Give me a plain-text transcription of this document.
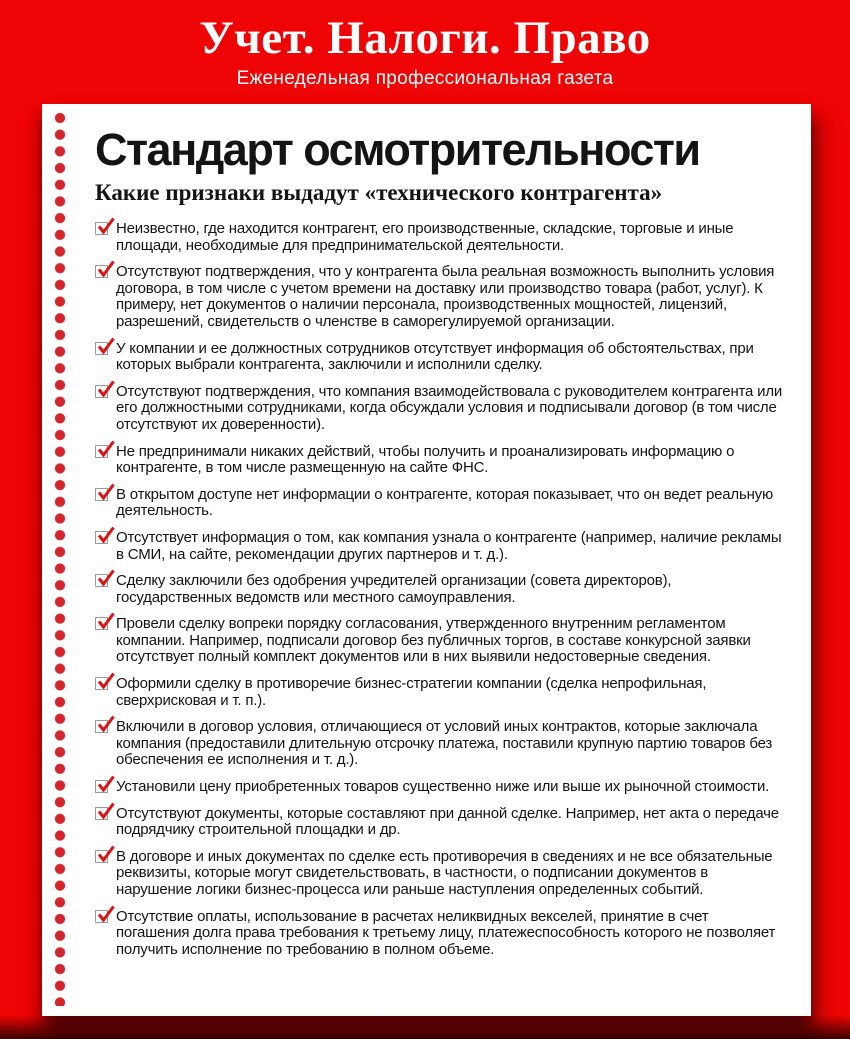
Учет. Налоги. Право
Еженедельная профессиональная газета
Стандарт осмотрительности
Какие признаки выдадут «технического контрагента»
Неизвестно, где находится контрагент, его производственные, складские, торговые и иные площади, необходимые для предпринимательской деятельности.
Отсутствуют подтверждения, что у контрагента была реальная возможность выполнить условия договора, в том числе с учетом времени на доставку или производство товара (работ, услуг). К примеру, нет документов о наличии персонала, производственных мощностей, лицензий, разрешений, свидетельств о членстве в саморегулируемой организации.
У компании и ее должностных сотрудников отсутствует информация об обстоятельствах, при которых выбрали контрагента, заключили и исполнили сделку.
Отсутствуют подтверждения, что компания взаимодействовала с руководителем контрагента или его должностными сотрудниками, когда обсуждали условия и подписывали договор (в том числе отсутствуют их доверенности).
Не предпринимали никаких действий, чтобы получить и проанализировать информацию о контрагенте, в том числе размещенную на сайте ФНС.
В открытом доступе нет информации о контрагенте, которая показывает, что он ведет реальную деятельность.
Отсутствует информация о том, как компания узнала о контрагенте (например, наличие рекламы в СМИ, на сайте, рекомендации других партнеров и т. д.).
Сделку заключили без одобрения учредителей организации (совета директоров), государственных ведомств или местного самоуправления.
Провели сделку вопреки порядку согласования, утвержденного внутренним регламентом компании. Например, подписали договор без публичных торгов, в составе конкурсной заявки отсутствует полный комплект документов или в них выявили недостоверные сведения.
Оформили сделку в противоречие бизнес-стратегии компании (сделка непрофильная, сверхрисковая и т. п.).
Включили в договор условия, отличающиеся от условий иных контрактов, которые заключала компания (предоставили длительную отсрочку платежа, поставили крупную партию товаров без обеспечения ее исполнения и т. д.).
Установили цену приобретенных товаров существенно ниже или выше их рыночной стоимости.
Отсутствуют документы, которые составляют при данной сделке. Например, нет акта о передаче подрядчику строительной площадки и др.
В договоре и иных документах по сделке есть противоречия в сведениях и не все обязательные реквизиты, которые могут свидетельствовать, в частности, о подписании документов в нарушение логики бизнес-процесса или раньше наступления определенных событий.
Отсутствие оплаты, использование в расчетах неликвидных векселей, принятие в счет погашения долга права требования к третьему лицу, платежеспособность которого не позволяет получить исполнение по требованию в полном объеме.
